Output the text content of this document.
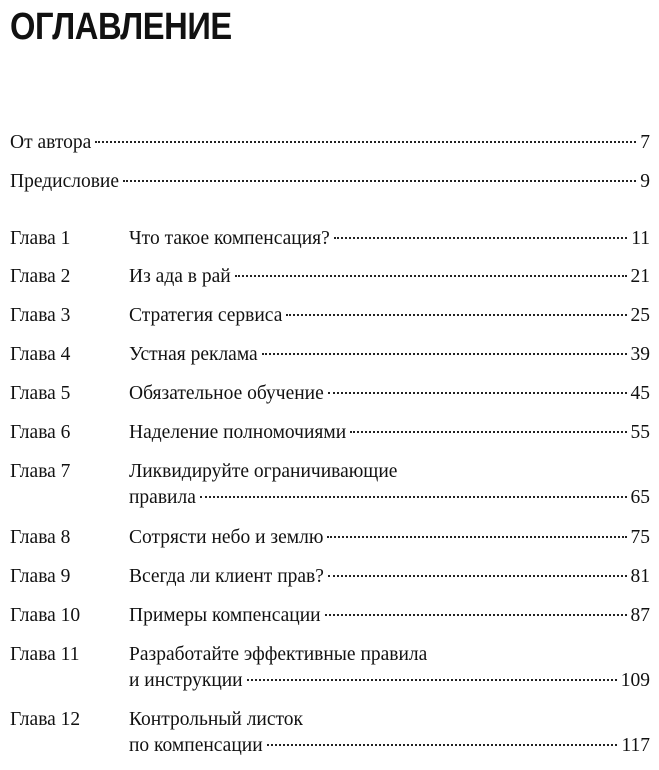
ОГЛАВЛЕНИЕ
От автора	7
Предисловие	9
Глава 1	Что такое компенсация?	11
Глава 2	Из ада в рай	21
Глава 3	Стратегия сервиса	25
Глава 4	Устная реклама	39
Глава 5	Обязательное обучение	45
Глава 6	Наделение полномочиями	55
Глава 7	Ликвидируйте ограничивающие
правила	65
Глава 8	Сотрясти небо и землю	75
Глава 9	Всегда ли клиент прав?	81
Глава 10	Примеры компенсации	87
Глава 11	Разработайте эффективные правила
и инструкции	109
Глава 12	Контрольный листок
по компенсации	117
